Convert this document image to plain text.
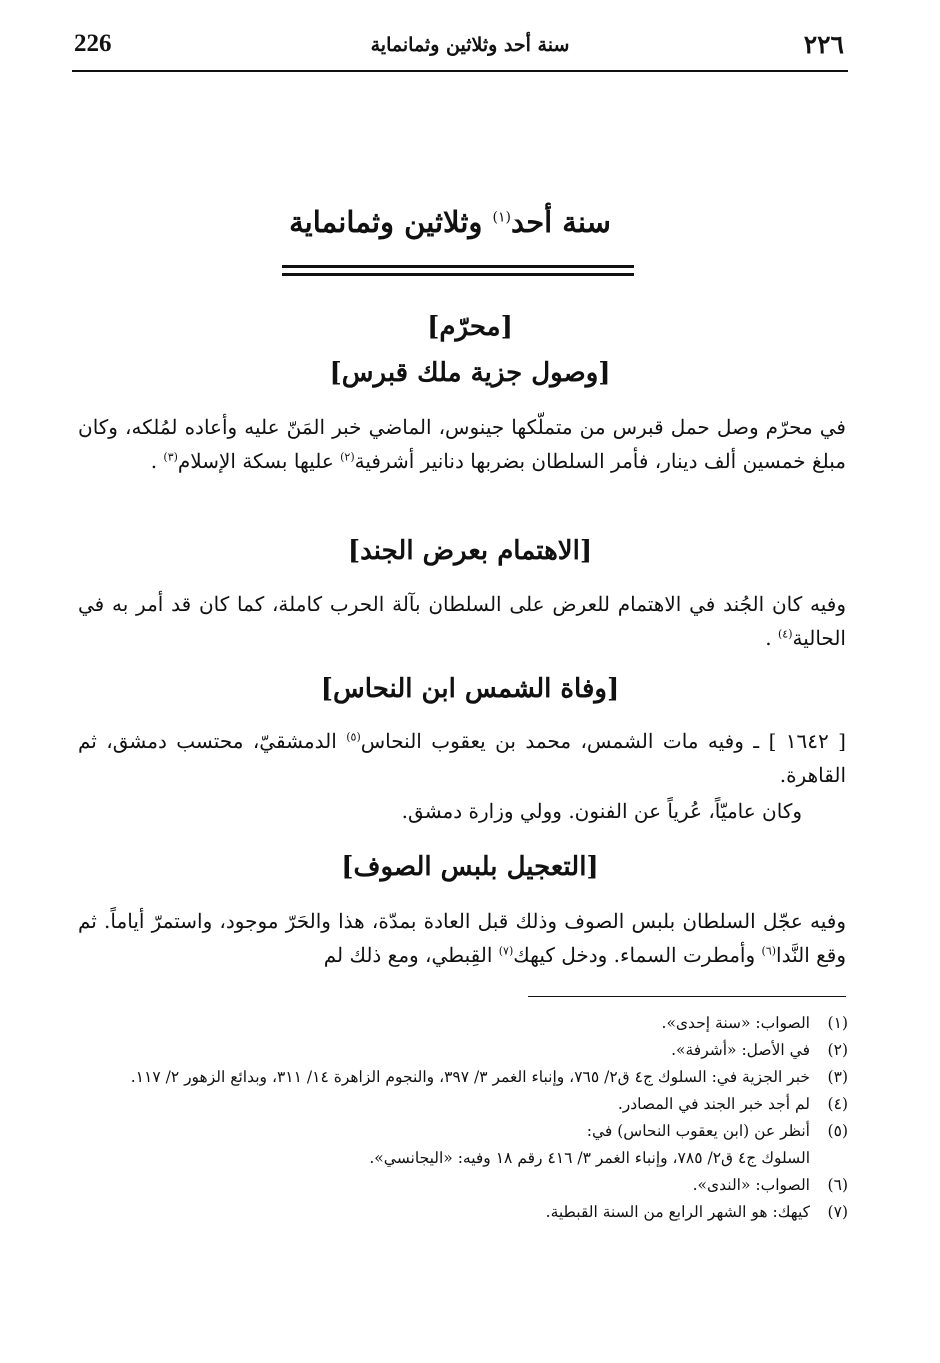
226	سنة أحد وثلاثين وثمانماية	٢٢٦
سنة أحد$^{(١)}$ وثلاثين وثمانماية
[محرّم]
[وصول جزية ملك قبرس]
في محرّم وصل حمل قبرس من متملّكها جينوس، الماضي خبر المَنّ عليه وأعاده لمُلكه، وكان مبلغ خمسين ألف دينار، فأمر السلطان بضربها دنانير أشرفية$^{(٢)}$ عليها بسكة الإسلام$^{(٣)}$ .
[الاهتمام بعرض الجند]
وفيه كان الجُند في الاهتمام للعرض على السلطان بآلة الحرب كاملة، كما كان قد أمر به في الحالية$^{(٤)}$ .
[وفاة الشمس ابن النحاس]
[ ١٦٤٢ ] ـ وفيه مات الشمس، محمد بن يعقوب النحاس$^{(٥)}$ الدمشقيّ، محتسب دمشق، ثم القاهرة.
وكان عاميّاً، عُرياً عن الفنون. وولي وزارة دمشق.
[التعجيل بلبس الصوف]
وفيه عجّل السلطان بلبس الصوف وذلك قبل العادة بمدّة، هذا والحَرّ موجود، واستمرّ أياماً. ثم وقع النَّدا$^{(٦)}$ وأمطرت السماء. ودخل كيهك$^{(٧)}$ القِبطي، ومع ذلك لم
(١)
الصواب: «سنة إحدى».
(٢)
في الأصل: «أشرفة».
(٣)
خبر الجزية في: السلوك ج٤ ق٢/ ٧٦٥، وإنباء الغمر ٣/ ٣٩٧، والنجوم الزاهرة ١٤/ ٣١١، وبدائع الزهور ٢/ ١١٧.
(٤)
لم أجد خبر الجند في المصادر.
(٥)
أنظر عن (ابن يعقوب النحاس) في:
السلوك ج٤ ق٢/ ٧٨٥، وإنباء الغمر ٣/ ٤١٦ رقم ١٨ وفيه: «اليجانسي».
(٦)
الصواب: «الندى».
(٧)
كيهك: هو الشهر الرابع من السنة القبطية.
